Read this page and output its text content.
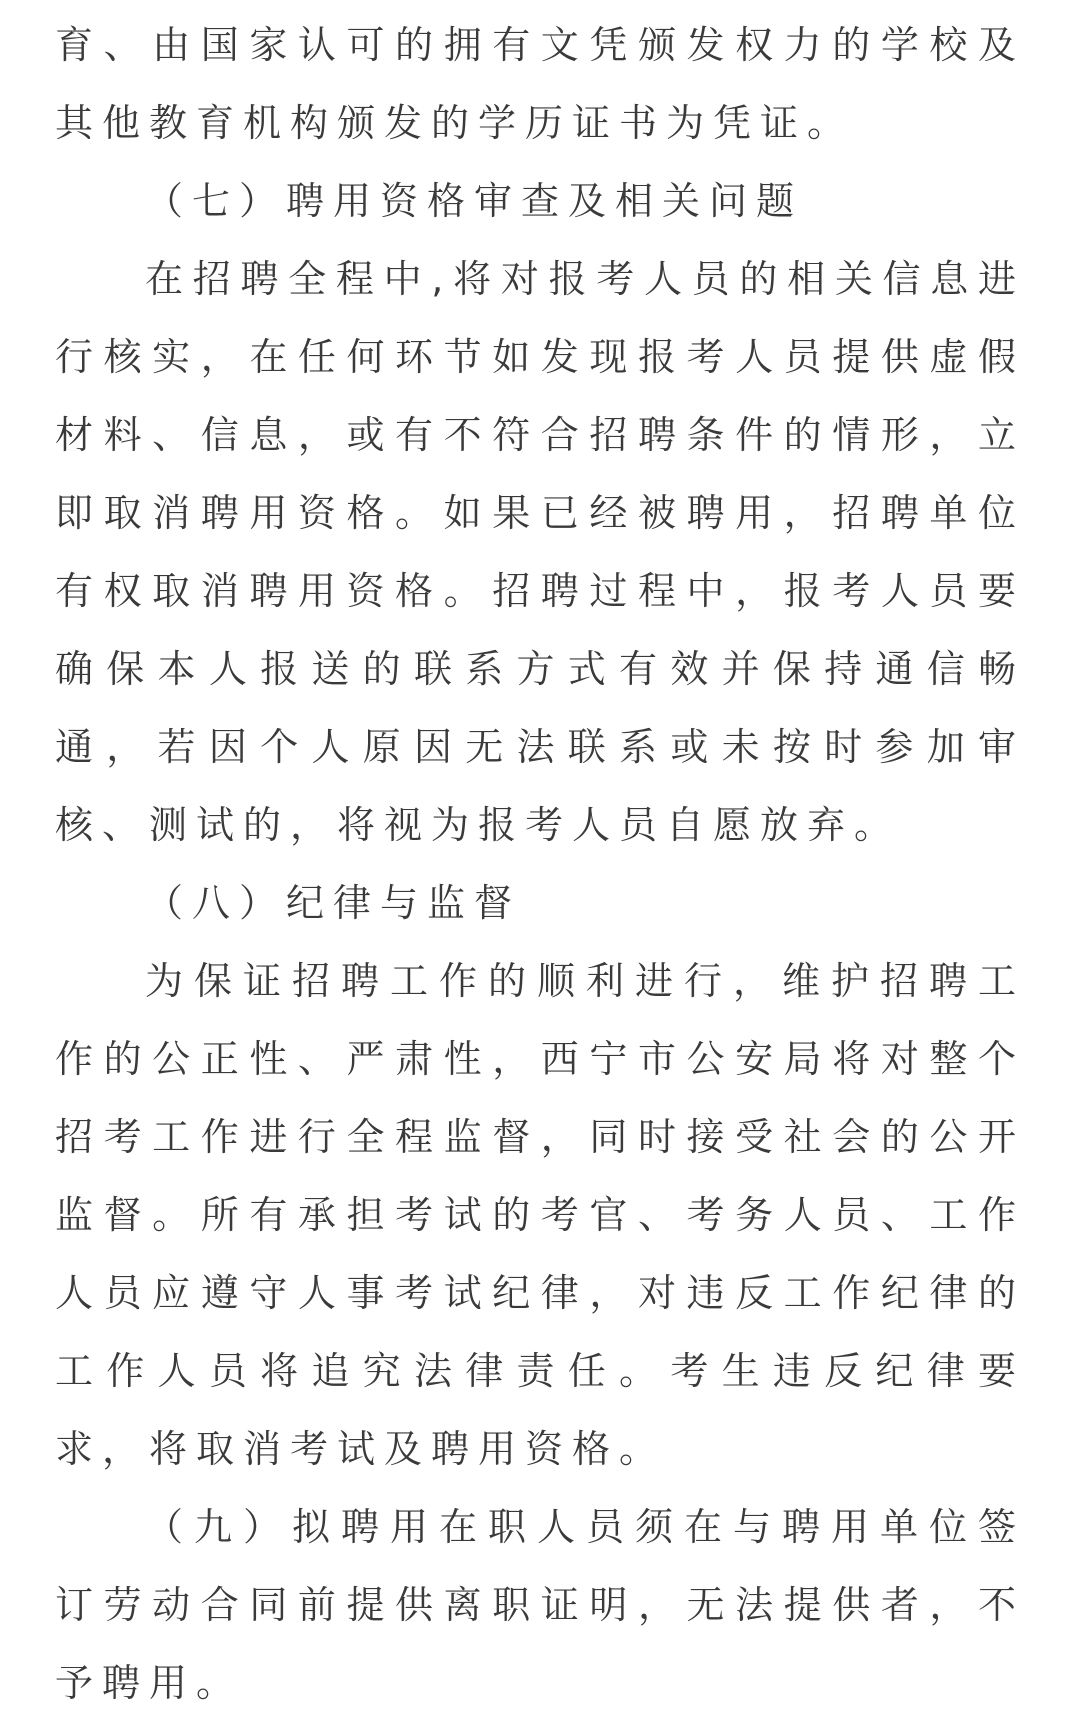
育、由国家认可的拥有文凭颁发权力的学校及其他教育机构颁发的学历证书为凭证。

（七）聘用资格审查及相关问题

在招聘全程中,将对报考人员的相关信息进行核实，在任何环节如发现报考人员提供虚假材料、信息，或有不符合招聘条件的情形，立即取消聘用资格。如果已经被聘用，招聘单位有权取消聘用资格。招聘过程中，报考人员要确保本人报送的联系方式有效并保持通信畅通，若因个人原因无法联系或未按时参加审核、测试的，将视为报考人员自愿放弃。

（八）纪律与监督

为保证招聘工作的顺利进行，维护招聘工作的公正性、严肃性，西宁市公安局将对整个招考工作进行全程监督，同时接受社会的公开监督。所有承担考试的考官、考务人员、工作人员应遵守人事考试纪律，对违反工作纪律的工作人员将追究法律责任。考生违反纪律要求，将取消考试及聘用资格。

（九）拟聘用在职人员须在与聘用单位签订劳动合同前提供离职证明，无法提供者，不予聘用。
